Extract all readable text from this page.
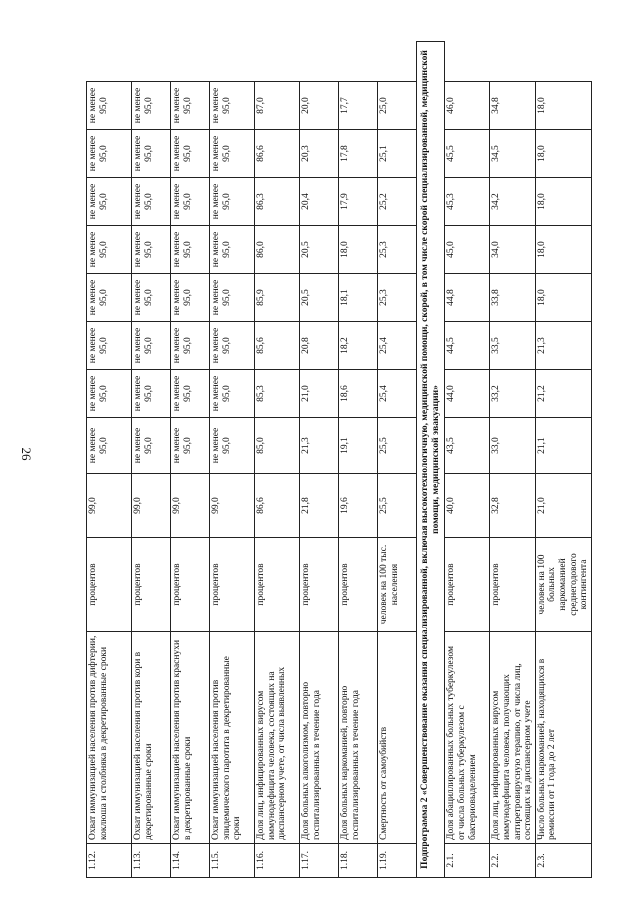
26
1.12.	Охват иммунизацией населения против дифтерии, коклюша и столбняка в декретированные сроки	процентов	99,0	не менее 95,0	не менее 95,0	не менее 95,0	не менее 95,0	не менее 95,0	не менее 95,0	не менее 95,0	не менее 95,0
1.13.	Охват иммунизацией населения против кори в декретированные сроки	процентов	99,0	не менее 95,0	не менее 95,0	не менее 95,0	не менее 95,0	не менее 95,0	не менее 95,0	не менее 95,0	не менее 95,0
1.14.	Охват иммунизацией населения против краснухи в декретированные сроки	процентов	99,0	не менее 95,0	не менее 95,0	не менее 95,0	не менее 95,0	не менее 95,0	не менее 95,0	не менее 95,0	не менее 95,0
1.15.	Охват иммунизацией населения против эпидемического паротита в декретированные сроки	процентов	99,0	не менее 95,0	не менее 95,0	не менее 95,0	не менее 95,0	не менее 95,0	не менее 95,0	не менее 95,0	не менее 95,0
1.16.	Доля лиц, инфицированных вирусом иммунодефицита человека, состоящих на диспансерном учете, от числа выявленных	процентов	86,6	85,0	85,3	85,6	85,9	86,0	86,3	86,6	87,0
1.17.	Доля больных алкоголизмом, повторно госпитализированных в течение года	процентов	21,8	21,3	21,0	20,8	20,5	20,5	20,4	20,3	20,0
1.18.	Доля больных наркоманией, повторно госпитализированных в течение года	процентов	19,6	19,1	18,6	18,2	18,1	18,0	17,9	17,8	17,7
1.19.	Смертность от самоубийств	человек на 100 тыс. населения	25,5	25,5	25,4	25,4	25,3	25,3	25,2	25,1	25,0
Подпрограмма 2 «Совершенствование оказания специализированной, включая высокотехнологичную, медицинской помощи, скорой, в том числе скорой специализированной, медицинской помощи, медицинской эвакуации»											
2.1.	Доля абациллированных больных туберкулезом от числа больных туберкулезом с бактериовыделением	процентов	40,0	43,5	44,0	44,5	44,8	45,0	45,3	45,5	46,0
2.2.	Доля лиц, инфицированных вирусом иммунодефицита человека, получающих антиретровирусную терапию, от числа лиц, состоящих на диспансерном учете	процентов	32,8	33,0	33,2	33,5	33,8	34,0	34,2	34,5	34,8
2.3.	Число больных наркоманией, находящихся в ремиссии от 1 года до 2 лет	человек на 100 больных наркоманией среднегодового контингента	21,0	21,1	21,2	21,3	18,0	18,0	18,0	18,0	18,0
